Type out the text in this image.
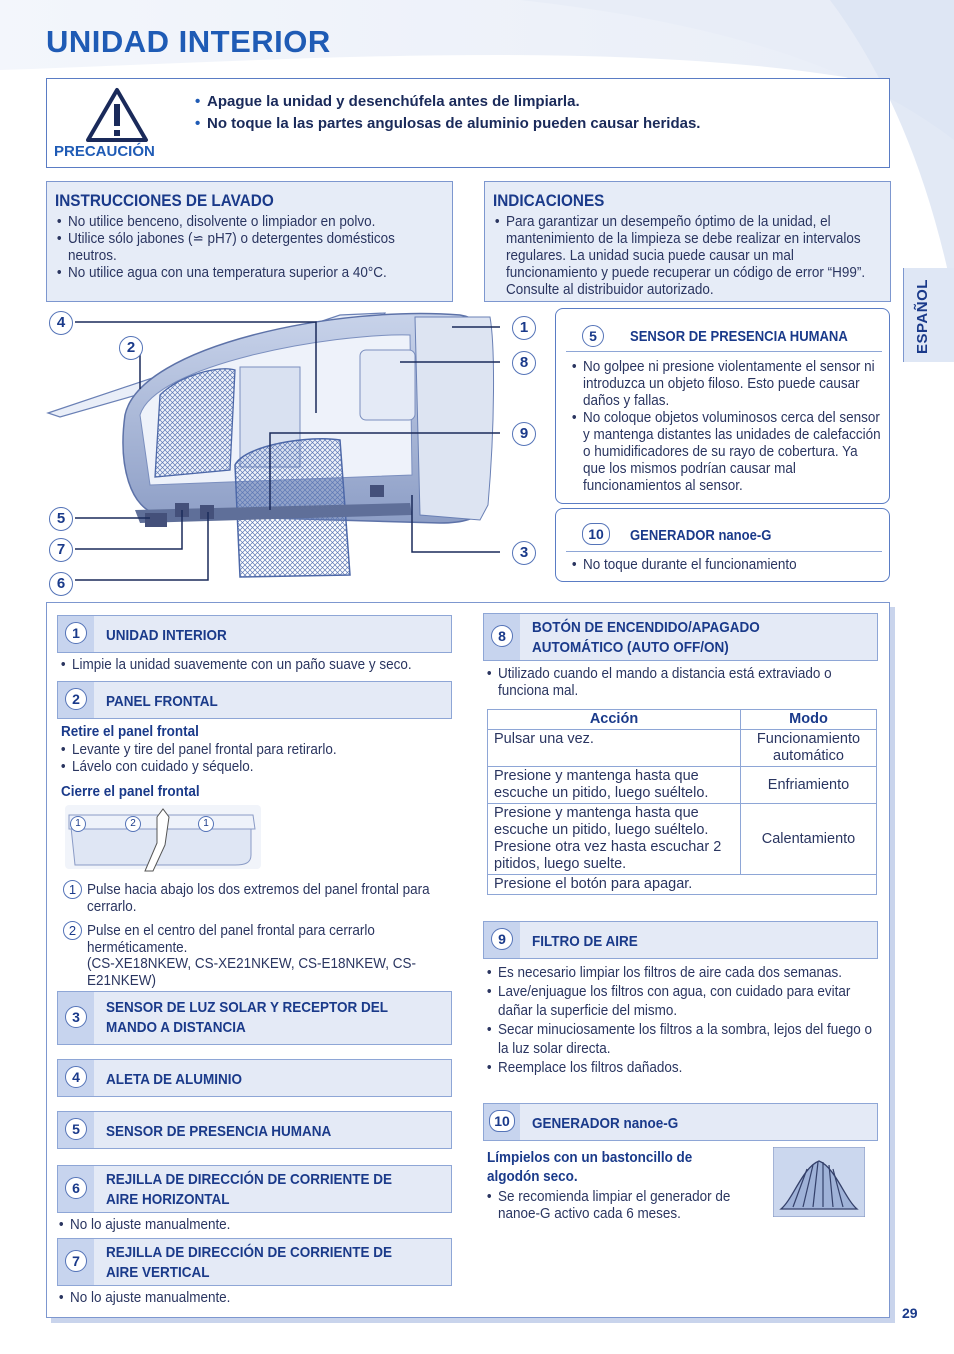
UNIDAD INTERIOR
PRECAUCIÓN
• Apague la unidad y desenchúfela antes de limpiarla.
• No toque la las partes angulosas de aluminio pueden causar heridas.
INSTRUCCIONES DE LAVADO
• No utilice benceno, disolvente o limpiador en polvo.
• Utilice sólo jabones (⋍ pH7) o detergentes domésticos neutros.
• No utilice agua con una temperatura superior a 40°C.
INDICACIONES
• Para garantizar un desempeño óptimo de la unidad, el mantenimiento de la limpieza se debe realizar en intervalos regulares. La unidad sucia puede causar un mal funcionamiento y puede recuperar un código de error “H99”. Consulte al distribuidor autorizado.	ESPAÑOL
4
2
1
8
9
3
5
7
6
5	SENSOR DE PRESENCIA HUMANA
• No golpee ni presione violentamente el sensor ni introduzca un objeto filoso. Esto puede causar daños y fallas.
• No coloque objetos voluminosos cerca del sensor y mantenga distantes las unidades de calefacción o humidificadores de su rayo de cobertura. Ya que los mismos podrían causar mal funcionamientos al sensor.
10	GENERADOR nanoe-G
• No toque durante el funcionamiento
1	UNIDAD INTERIOR
• Limpie la unidad suavemente con un paño suave y seco.
2	PANEL FRONTAL
Retire el panel frontal
• Levante y tire del panel frontal para retirarlo.
• Lávelo con cuidado y séquelo.
Cierre el panel frontal
1	2	1
1 Pulse hacia abajo los dos extremos del panel frontal para cerrarlo.
2 Pulse en el centro del panel frontal para cerrarlo herméticamente.
(CS-XE18NKEW, CS-XE21NKEW, CS-E18NKEW, CS-E21NKEW)
3
SENSOR DE LUZ SOLAR Y RECEPTOR DEL
MANDO A DISTANCIA
4	ALETA DE ALUMINIO
5	SENSOR DE PRESENCIA HUMANA
6	REJILLA DE DIRECCIÓN DE CORRIENTE DE
AIRE HORIZONTAL
• No lo ajuste manualmente.
7	REJILLA DE DIRECCIÓN DE CORRIENTE DE
AIRE VERTICAL
• No lo ajuste manualmente.
8	BOTÓN DE ENCENDIDO/APAGADO
AUTOMÁTICO (AUTO OFF/ON)
• Utilizado cuando el mando a distancia está extraviado o funciona mal.
Acción	Modo
Pulsar una vez.	Funcionamiento automático
Presione y mantenga hasta que escuche un pitido, luego suéltelo.	Enfriamiento
Presione y mantenga hasta que escuche un pitido, luego suéltelo. Presione otra vez hasta escuchar 2 pitidos, luego suelte.	Calentamiento
Presione el botón para apagar.	
9	FILTRO DE AIRE
• Es necesario limpiar los filtros de aire cada dos semanas.
• Lave/enjuague los filtros con agua, con cuidado para evitar dañar la superficie del mismo.
• Secar minuciosamente los filtros a la sombra, lejos del fuego o la luz solar directa.
• Reemplace los filtros dañados.
10	GENERADOR nanoe-G
Límpielos con un bastoncillo de algodón seco.
• Se recomienda limpiar el generador de nanoe-G activo cada 6 meses.
29
